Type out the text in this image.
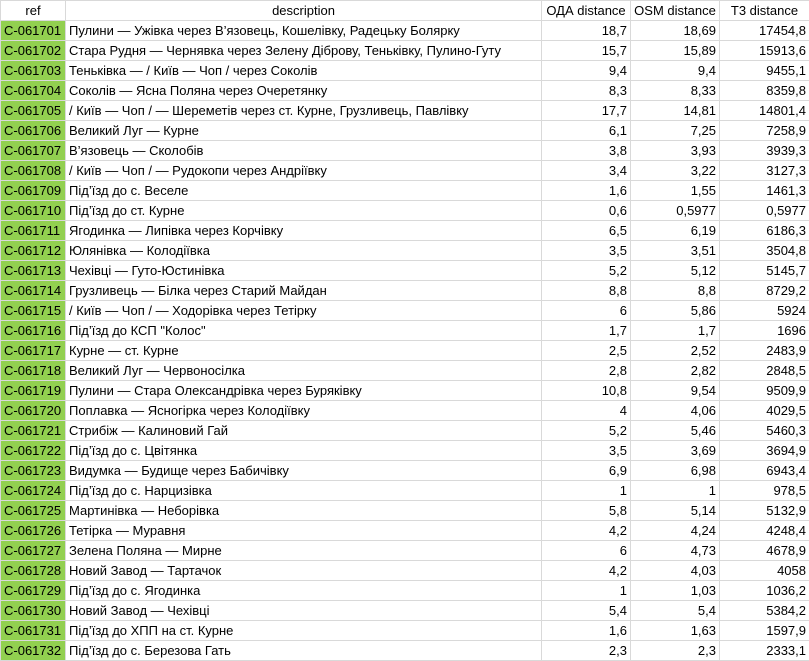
ref	description	ОДА distance	OSM distance	T3 distance
C-061701	Пулини — Ужівка через В’язовець, Кошелівку, Радецьку Болярку	18,7	18,69	17454,8
C-061702	Стара Рудня — Чернявка через Зелену Діброву, Теньківку, Пулино-Гуту	15,7	15,89	15913,6
C-061703	Теньківка — / Київ — Чоп / через Соколів	9,4	9,4	9455,1
C-061704	Соколів — Ясна Поляна через Очеретянку	8,3	8,33	8359,8
C-061705	/ Київ — Чоп / — Шереметів через ст. Курне, Грузливець, Павлівку	17,7	14,81	14801,4
C-061706	Великий Луг — Курне	6,1	7,25	7258,9
C-061707	В’язовець — Сколобів	3,8	3,93	3939,3
C-061708	/ Київ — Чоп / — Рудокопи через Андріївку	3,4	3,22	3127,3
C-061709	Під’їзд до с. Веселе	1,6	1,55	1461,3
C-061710	Під’їзд до ст. Курне	0,6	0,5977	0,5977
C-061711	Ягодинка — Липівка через Корчівку	6,5	6,19	6186,3
C-061712	Юлянівка — Колодіївка	3,5	3,51	3504,8
C-061713	Чехівці — Гуто-Юстинівка	5,2	5,12	5145,7
C-061714	Грузливець — Білка через Старий Майдан	8,8	8,8	8729,2
C-061715	/ Київ — Чоп / — Ходорівка через Тетірку	6	5,86	5924
C-061716	Під’їзд до КСП "Колос"	1,7	1,7	1696
C-061717	Курне — ст. Курне	2,5	2,52	2483,9
C-061718	Великий Луг — Червоносілка	2,8	2,82	2848,5
C-061719	Пулини — Стара Олександрівка через Буряківку	10,8	9,54	9509,9
C-061720	Поплавка — Ясногірка через Колодіївку	4	4,06	4029,5
C-061721	Стрибіж — Калиновий Гай	5,2	5,46	5460,3
C-061722	Під’їзд до с. Цвітянка	3,5	3,69	3694,9
C-061723	Видумка — Будище через Бабичівку	6,9	6,98	6943,4
C-061724	Під’їзд до с. Нарцизівка	1	1	978,5
C-061725	Мартинівка — Неборівка	5,8	5,14	5132,9
C-061726	Тетірка — Муравня	4,2	4,24	4248,4
C-061727	Зелена Поляна — Мирне	6	4,73	4678,9
C-061728	Новий Завод — Тартачок	4,2	4,03	4058
C-061729	Під’їзд до с. Ягодинка	1	1,03	1036,2
C-061730	Новий Завод — Чехівці	5,4	5,4	5384,2
C-061731	Під’їзд до ХПП на ст. Курне	1,6	1,63	1597,9
C-061732	Під’їзд до с. Березова Гать	2,3	2,3	2333,1
